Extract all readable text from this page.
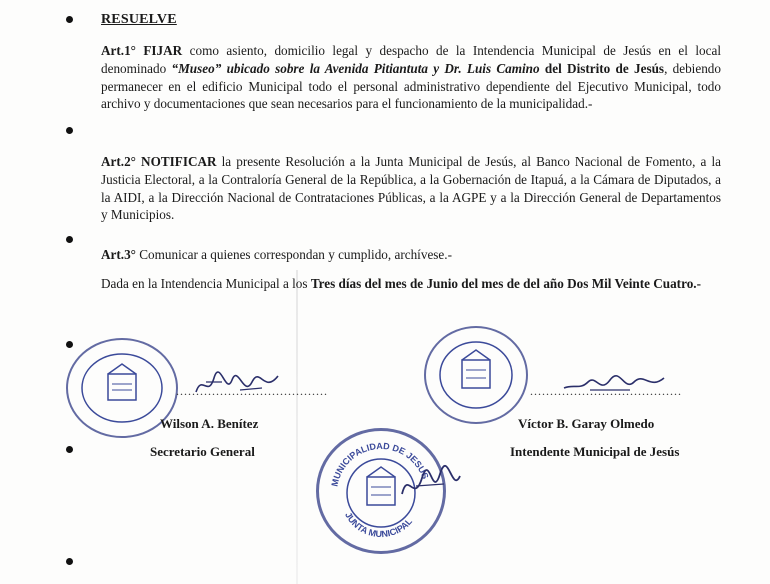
RESUELVE
Art.1° FIJAR como asiento, domicilio legal y despacho de la Intendencia Municipal de Jesús en el local denominado “Museo” ubicado sobre la Avenida Pitiantuta y Dr. Luis Camino del Distrito de Jesús, debiendo permanecer en el edificio Municipal todo el personal administrativo dependiente del Ejecutivo Municipal, todo archivo y documentaciones que sean necesarios para el funcionamiento de la municipalidad.-
Art.2° NOTIFICAR la presente Resolución a la Junta Municipal de Jesús, al Banco Nacional de Fomento, a la Justicia Electoral, a la Contraloría General de la República, a la Gobernación de Itapuá, a la Cámara de Diputados, a la AIDI, a la Dirección Nacional de Contrataciones Públicas, a la AGPE y a la Dirección General de Departamentos y Municipios.
Art.3° Comunicar a quienes correspondan y cumplido, archívese.-
Dada en la Intendencia Municipal a los Tres días del mes de Junio del mes de del año Dos Mil Veinte Cuatro.-
......................................
Wilson A. Benítez
Secretario General
......................................
Víctor B. Garay Olmedo
Intendente Municipal de Jesús
MUNICIPALIDAD DE JESUS
JUNTA MUNICIPAL
